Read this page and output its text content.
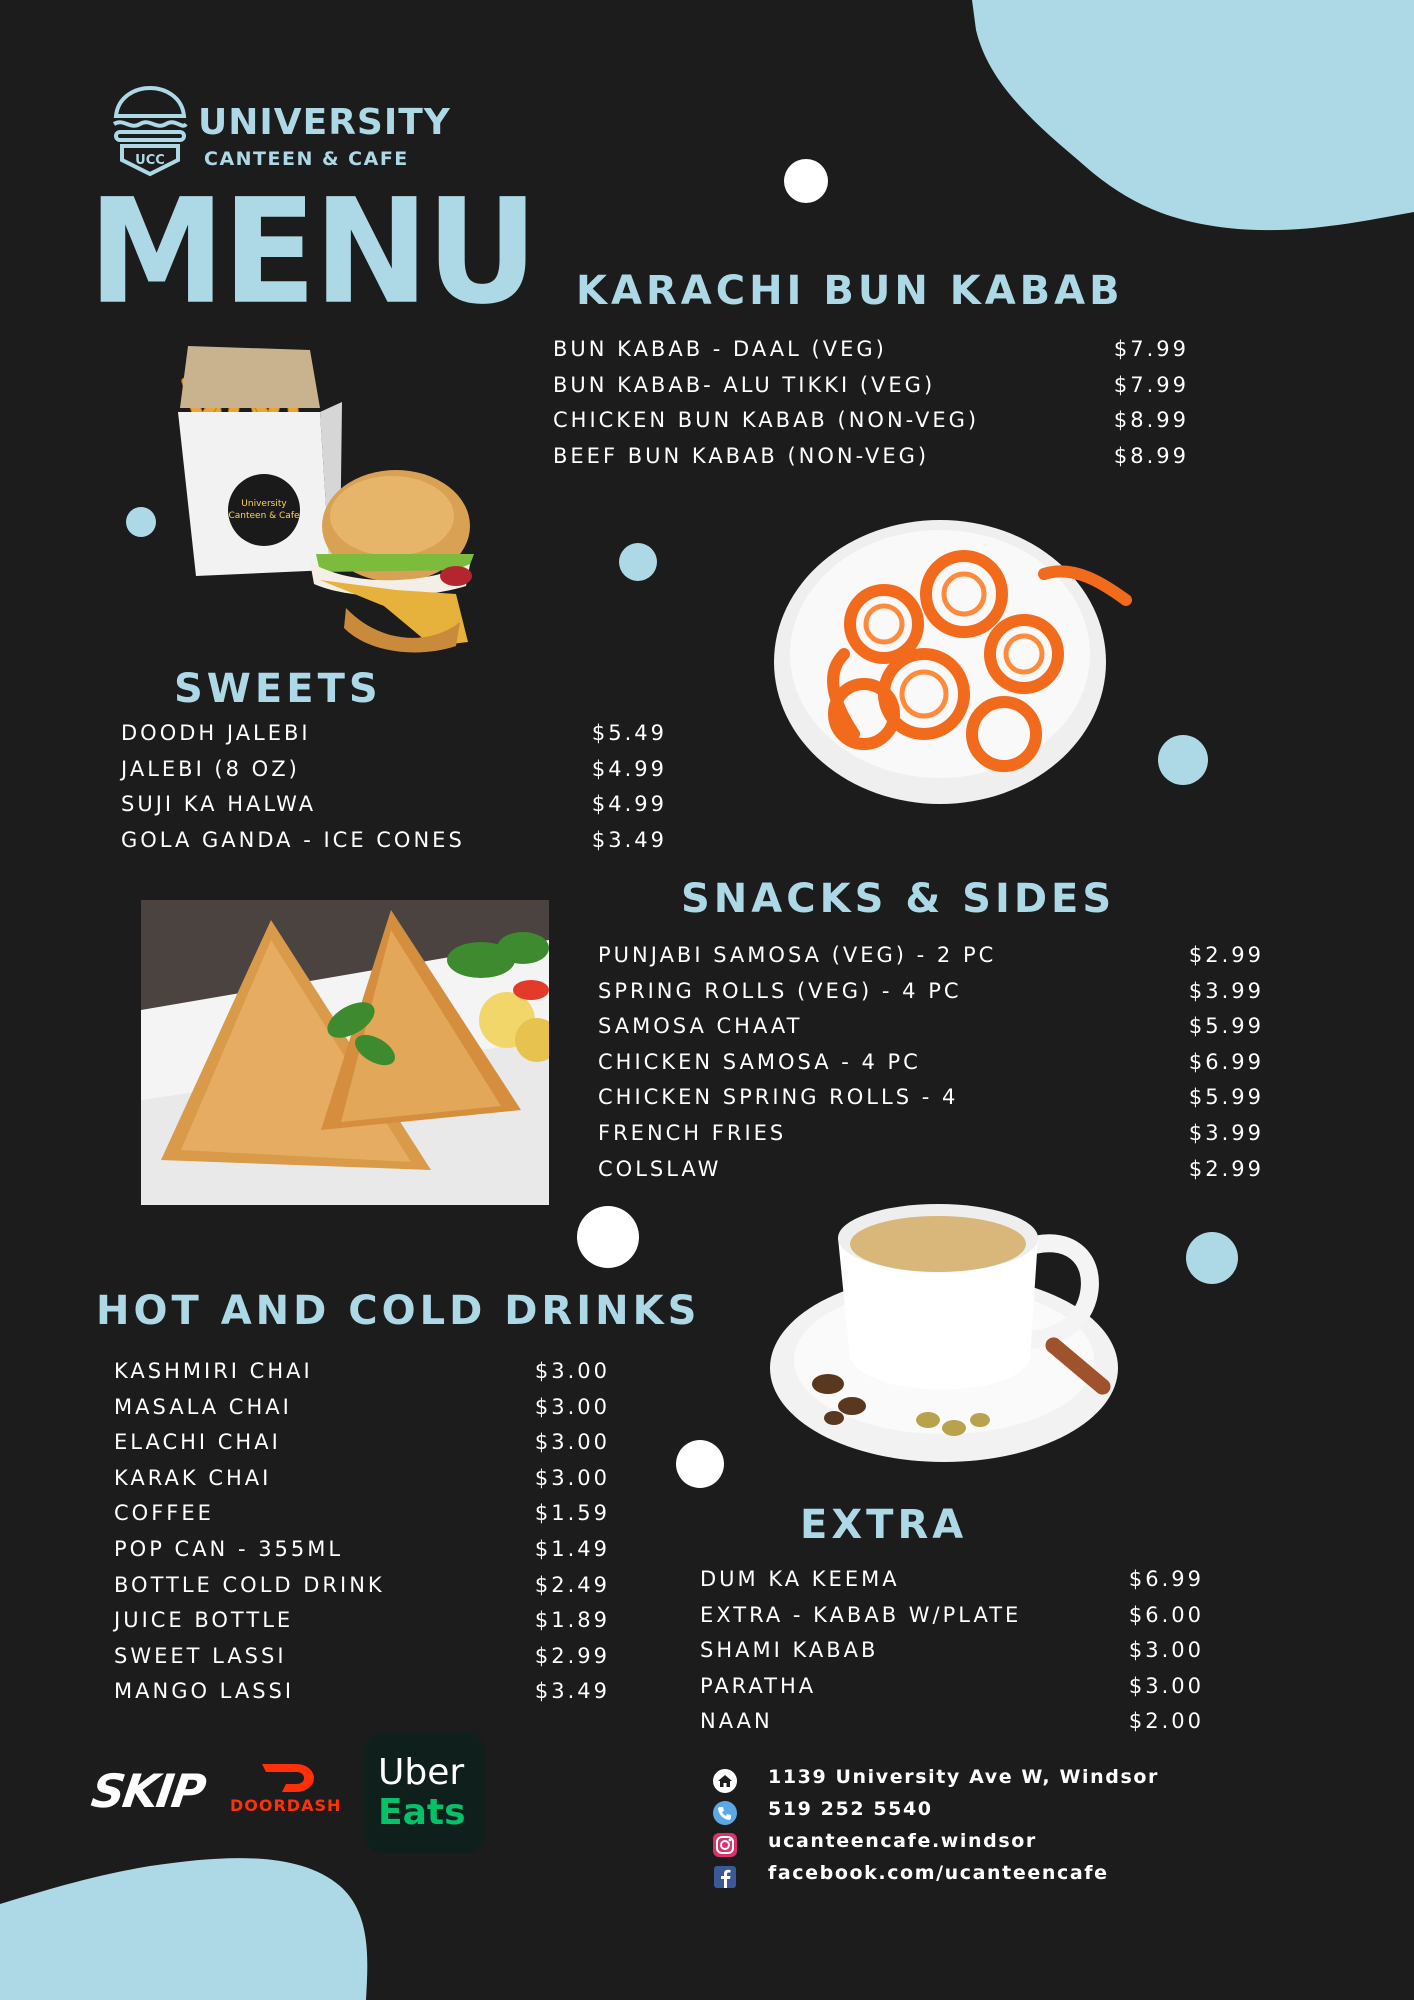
UCC
UNIVERSITY
CANTEEN & CAFE
MENU
University
Canteen & Cafe
KARACHI BUN KABAB
BUN KABAB - DAAL (VEG)	$7.99
BUN KABAB- ALU TIKKI (VEG)	$7.99
CHICKEN BUN KABAB (NON-VEG)	$8.99
BEEF BUN KABAB (NON-VEG)	$8.99
SWEETS
DOODH JALEBI	$5.49
JALEBI (8 OZ)	$4.99
SUJI KA HALWA	$4.99
GOLA GANDA - ICE CONES	$3.49
SNACKS & SIDES
PUNJABI SAMOSA (VEG) - 2 PC	$2.99
SPRING ROLLS (VEG) - 4 PC	$3.99
SAMOSA CHAAT	$5.99
CHICKEN SAMOSA - 4 PC	$6.99
CHICKEN SPRING ROLLS - 4	$5.99
FRENCH FRIES	$3.99
COLSLAW	$2.99
HOT AND COLD DRINKS
KASHMIRI CHAI	$3.00
MASALA CHAI	$3.00
ELACHI CHAI	$3.00
KARAK CHAI	$3.00
COFFEE	$1.59
POP CAN - 355ML	$1.49
BOTTLE COLD DRINK	$2.49
JUICE BOTTLE	$1.89
SWEET LASSI	$2.99
MANGO LASSI	$3.49
EXTRA
DUM KA KEEMA	$6.99
EXTRA - KABAB W/PLATE	$6.00
SHAMI KABAB	$3.00
PARATHA	$3.00
NAAN	$2.00
SKIP DOORDASH
Uber
Eats
1139 University Ave W, Windsor
519 252 5540
ucanteencafe.windsor
facebook.com/ucanteencafe
